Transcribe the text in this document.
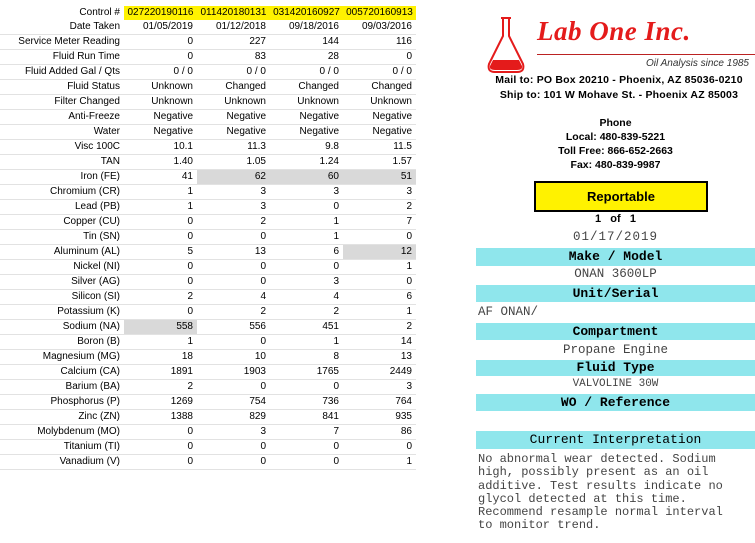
Control #	027220190116	011420180131	031420160927	005720160913
Date Taken	01/05/2019	01/12/2018	09/18/2016	09/03/2016
Service Meter Reading	0	227	144	116
Fluid Run Time	0	83	28	0
Fluid Added Gal / Qts	0 / 0	0 / 0	0 / 0	0 / 0
Fluid Status	Unknown	Changed	Changed	Changed
Filter Changed	Unknown	Unknown	Unknown	Unknown
Anti-Freeze	Negative	Negative	Negative	Negative
Water	Negative	Negative	Negative	Negative
Visc 100C	10.1	11.3	9.8	11.5
TAN	1.40	1.05	1.24	1.57
Iron (FE)	41	62	60	51
Chromium (CR)	1	3	3	3
Lead (PB)	1	3	0	2
Copper (CU)	0	2	1	7
Tin (SN)	0	0	1	0
Aluminum (AL)	5	13	6	12
Nickel (NI)	0	0	0	1
Silver (AG)	0	0	3	0
Silicon (SI)	2	4	4	6
Potassium (K)	0	2	2	1
Sodium (NA)	558	556	451	2
Boron (B)	1	0	1	14
Magnesium (MG)	18	10	8	13
Calcium (CA)	1891	1903	1765	2449
Barium (BA)	2	0	0	3
Phosphorus (P)	1269	754	736	764
Zinc (ZN)	1388	829	841	935
Molybdenum (MO)	0	3	7	86
Titanium (TI)	0	0	0	0
Vanadium (V)	0	0	0	1
Lab One Inc.
Oil Analysis since 1985
Mail to: PO Box 20210 - Phoenix, AZ 85036-0210
Ship to: 101 W Mohave St. - Phoenix AZ 85003
Phone
Local: 480-839-5221
Toll Free: 866-652-2663
Fax: 480-839-9987
Reportable
1 of 1
01/17/2019
Make / Model
ONAN 3600LP
Unit/Serial
AF ONAN/
Compartment
Propane Engine
Fluid Type
VALVOLINE 30W
WO / Reference
Current Interpretation
No abnormal wear detected. Sodium
high, possibly present as an oil
additive. Test results indicate no
glycol detected at this time.
Recommend resample normal interval
to monitor trend.
